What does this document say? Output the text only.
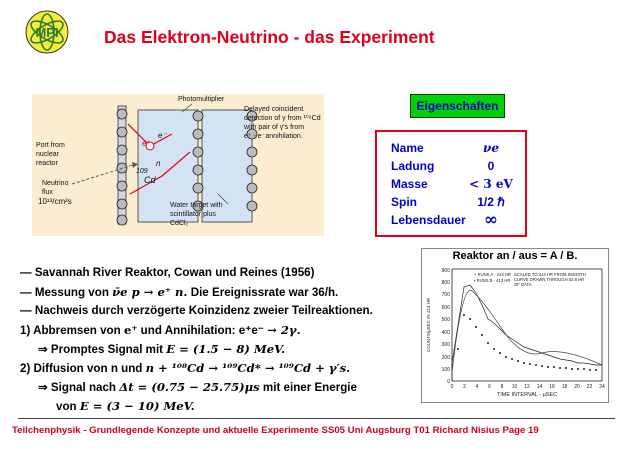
MPI	Das Elektron-Neutrino - das Experiment
Photomultiplier
Delayed coincident
detection of γ from ¹⁰⁹Cd
with pair of γ's from
e⁺ - e⁻annihilation.
Port from
nuclear
reactor
Neutrino
flux
10¹³/cm²s	Water target with
scintillator plus
CdCl₂
e⁺
e⁻
109
Cd
n
Eigenschaften
Name	νe
Ladung	0
Masse	< 3 eV
Spin	1/2 ℏ
Lebensdauer	∞
Reaktor an / aus = A / B.
900
800
700
600
500
400
300
200
100
0
0 2 4 6 8 10 12 14 16 18 20 22 24
TIME INTERVAL - μSEC
COUNTS/μSEC IN 413 HR
+ RUNS A - 413 HR
• RUNS B - 413 HR
SCALED TO 413 HR FROM SMOOTH
CURVE DRAWN THROUGH 52.8 HR
OF DATA
— Savannah River Reaktor, Cowan und Reines (1956)
— Messung von ν̄e p → e⁺ n. Die Ereignissrate war 36/h.
— Nachweis durch verzögerte Koinzidenz zweier Teilreaktionen.
1) Abbremsen von e⁺ und Annihilation: e⁺e⁻ → 2γ.
⇒ Promptes Signal mit E = (1.5 − 8) MeV.
2) Diffusion von n und n + ¹⁰⁸Cd → ¹⁰⁹Cd* → ¹⁰⁹Cd + γ′s.
⇒ Signal nach Δt = (0.75 − 25.75)μs mit einer Energie
von E = (3 − 10) MeV.
Teilchenphysik - Grundlegende Konzepte und aktuelle Experimente SS05 Uni Augsburg T01 Richard Nisius Page 19
